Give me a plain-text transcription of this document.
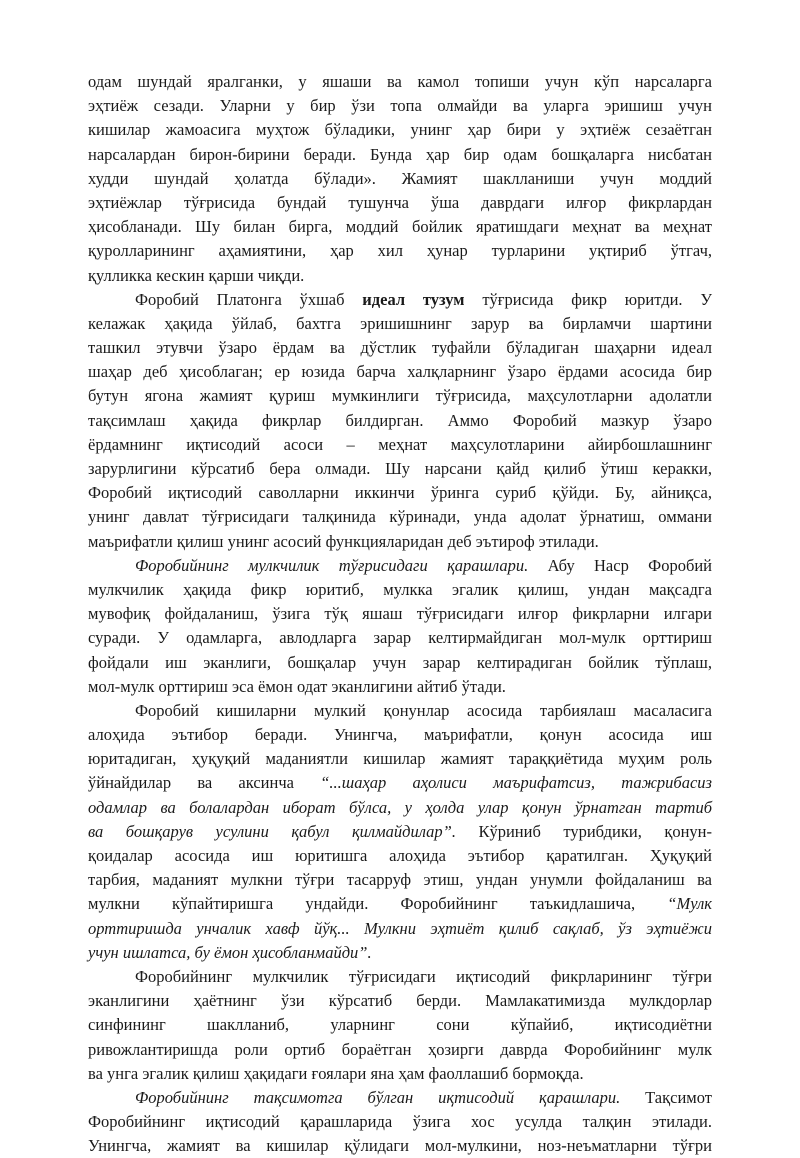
одам шундай яралганки, у яшаши ва камол топиши учун кўп нарсаларга
эҳтиёж сезади. Уларни у бир ўзи топа олмайди ва уларга эришиш учун
кишилар жамоасига муҳтож бўладики, унинг ҳар бири у эҳтиёж сезаётган
нарсалардан бирон-бирини беради. Бунда ҳар бир одам бошқаларга нисбатан
худди шундай ҳолатда бўлади». Жамият шаклланиши учун моддий
эҳтиёжлар тўғрисида бундай тушунча ўша даврдаги илғор фикрлардан
ҳисобланади. Шу билан бирга, моддий бойлик яратишдаги меҳнат ва меҳнат
қуролларининг аҳамиятини, ҳар хил ҳунар турларини уқтириб ўтгач,
қулликка кескин қарши чиқди.
Форобий Платонга ўхшаб идеал тузум тўғрисида фикр юритди. У
келажак ҳақида ўйлаб, бахтга эришишнинг зарур ва бирламчи шартини
ташкил этувчи ўзаро ёрдам ва дўстлик туфайли бўладиган шаҳарни идеал
шаҳар деб ҳисоблаган; ер юзида барча халқларнинг ўзаро ёрдами асосида бир
бутун ягона жамият қуриш мумкинлиги тўғрисида, маҳсулотларни адолатли
тақсимлаш ҳақида фикрлар билдирган. Аммо Форобий мазкур ўзаро
ёрдамнинг иқтисодий асоси – меҳнат маҳсулотларини айирбошлашнинг
зарурлигини кўрсатиб бера олмади. Шу нарсани қайд қилиб ўтиш керакки,
Форобий иқтисодий саволларни иккинчи ўринга суриб қўйди. Бу, айниқса,
унинг давлат тўғрисидаги талқинида кўринади, унда адолат ўрнатиш, оммани
маърифатли қилиш унинг асосий функцияларидан деб эътироф этилади.
Форобийнинг мулкчилик тўғрисидаги қарашлари. Абу Наср Форобий
мулкчилик ҳақида фикр юритиб, мулкка эгалик қилиш, ундан мақсадга
мувофиқ фойдаланиш, ўзига тўқ яшаш тўғрисидаги илғор фикрларни илгари
суради. У одамларга, авлодларга зарар келтирмайдиган мол-мулк орттириш
фойдали иш эканлиги, бошқалар учун зарар келтирадиган бойлик тўплаш,
мол-мулк орттириш эса ёмон одат эканлигини айтиб ўтади.
Форобий кишиларни мулкий қонунлар асосида тарбиялаш масаласига
алоҳида эътибор беради. Унингча, маърифатли, қонун асосида иш
юритадиган, ҳуқуқий маданиятли кишилар жамият тараққиётида муҳим роль
ўйнайдилар ва аксинча “...шаҳар аҳолиси маърифатсиз, тажрибасиз
одамлар ва болалардан иборат бўлса, у ҳолда улар қонун ўрнатган тартиб
ва бошқарув усулини қабул қилмайдилар”. Кўриниб турибдики, қонун-
қоидалар асосида иш юритишга алоҳида эътибор қаратилган. Ҳуқуқий
тарбия, маданият мулкни тўғри тасарруф этиш, ундан унумли фойдаланиш ва
мулкни кўпайтиришга ундайди. Форобийнинг таъкидлашича, “Мулк
орттиришда унчалик хавф йўқ... Мулкни эҳтиёт қилиб сақлаб, ўз эҳтиёжи
учун ишлатса, бу ёмон ҳисобланмайди”.
Форобийнинг мулкчилик тўғрисидаги иқтисодий фикрларининг тўғри
эканлигини ҳаётнинг ўзи кўрсатиб берди. Мамлакатимизда мулкдорлар
синфининг шаклланиб, уларнинг сони кўпайиб, иқтисодиётни
ривожлантиришда роли ортиб бораётган ҳозирги даврда Форобийнинг мулк
ва унга эгалик қилиш ҳақидаги ғоялари яна ҳам фаоллашиб бормоқда.
Форобийнинг тақсимотга бўлган иқтисодий қарашлари. Тақсимот
Форобийнинг иқтисодий қарашларида ўзига хос усулда талқин этилади.
Унингча, жамият ва кишилар қўлидаги мол-мулкини, ноз-неъматларни тўғри
